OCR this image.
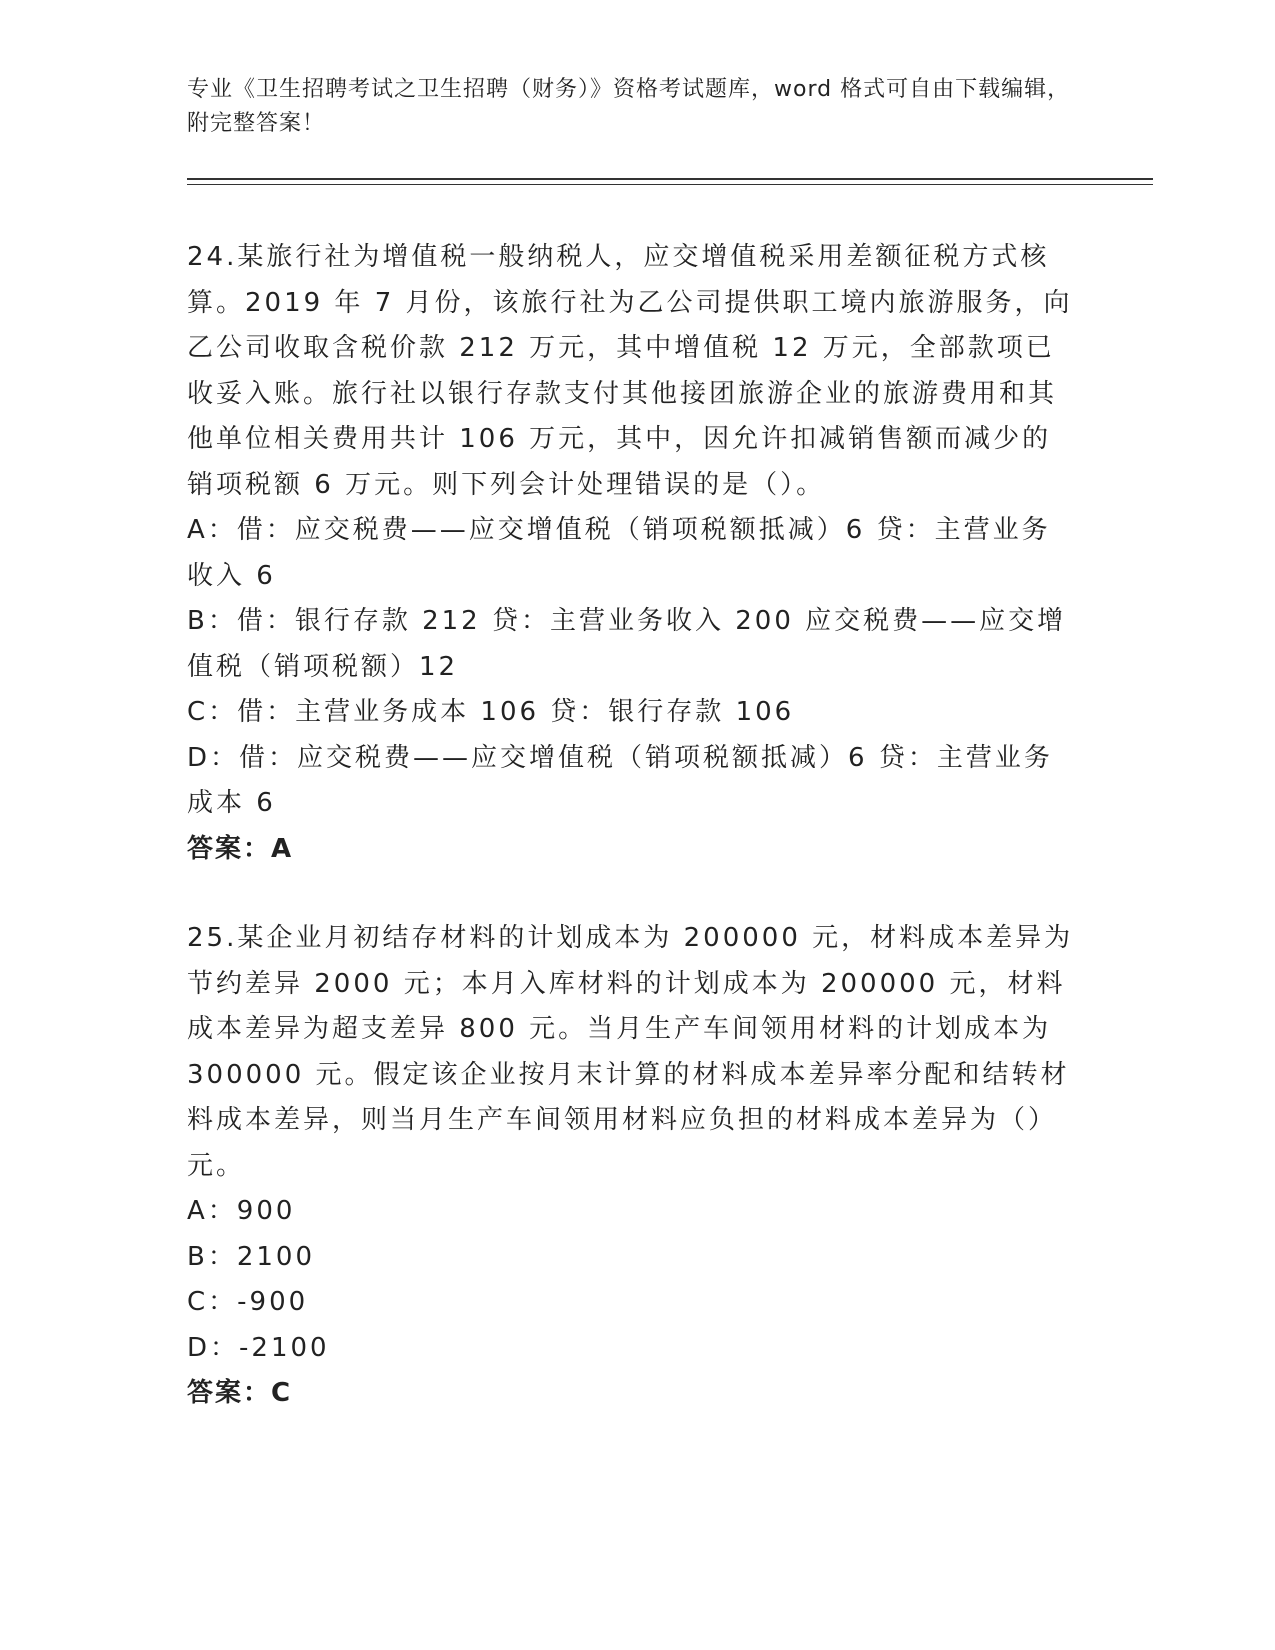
专业《卫生招聘考试之卫生招聘（财务）》资格考试题库，word 格式可自由下载编辑，附完整答案！

24.某旅行社为增值税一般纳税人，应交增值税采用差额征税方式核算。2019 年 7 月份，该旅行社为乙公司提供职工境内旅游服务，向乙公司收取含税价款 212 万元，其中增值税 12 万元，全部款项已收妥入账。旅行社以银行存款支付其他接团旅游企业的旅游费用和其他单位相关费用共计 106 万元，其中，因允许扣减销售额而减少的销项税额 6 万元。则下列会计处理错误的是（）。

A：借：应交税费——应交增值税（销项税额抵减）6 贷：主营业务收入 6

B：借：银行存款 212 贷：主营业务收入 200 应交税费——应交增值税（销项税额）12

C：借：主营业务成本 106 贷：银行存款 106

D：借：应交税费——应交增值税（销项税额抵减）6 贷：主营业务成本 6

答案：A

25.某企业月初结存材料的计划成本为 200000 元，材料成本差异为节约差异 2000 元；本月入库材料的计划成本为 200000 元，材料成本差异为超支差异 800 元。当月生产车间领用材料的计划成本为 300000 元。假定该企业按月末计算的材料成本差异率分配和结转材料成本差异，则当月生产车间领用材料应负担的材料成本差异为（）元。

A：900

B：2100

C：-900

D：-2100

答案：C
